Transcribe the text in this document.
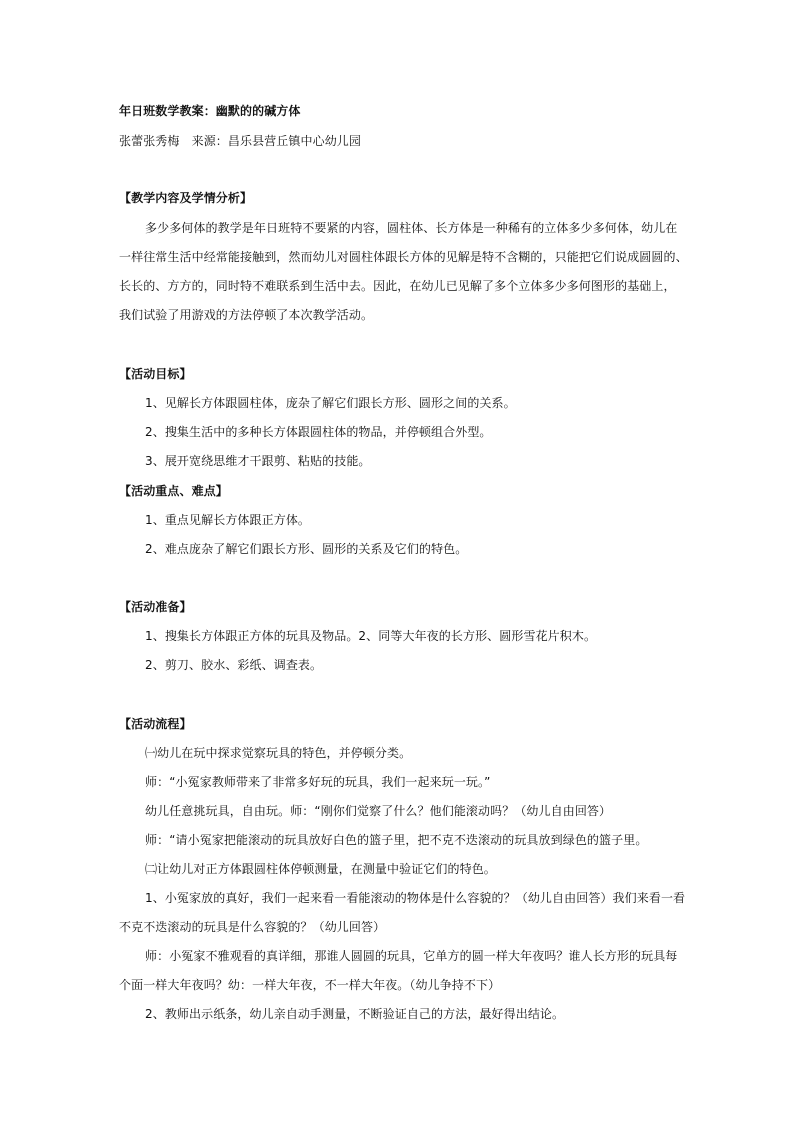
年日班数学教案：幽默的的碱方体
张蕾张秀梅　来源：昌乐县营丘镇中心幼儿园
【教学内容及学情分析】
多少多何体的教学是年日班特不要紧的内容，圆柱体、长方体是一种稀有的立体多少多何体，幼儿在
一样往常生活中经常能接触到，然而幼儿对圆柱体跟长方体的见解是特不含糊的，只能把它们说成圆圆的、
长长的、方方的，同时特不难联系到生活中去。因此，在幼儿已见解了多个立体多少多何图形的基础上，
我们试验了用游戏的方法停顿了本次教学活动。
【活动目标】
1、见解长方体跟圆柱体，庞杂了解它们跟长方形、圆形之间的关系。
2、搜集生活中的多种长方体跟圆柱体的物品，并停顿组合外型。
3、展开宽绕思维才干跟剪、粘贴的技能。
【活动重点、难点】
1、重点见解长方体跟正方体。
2、难点庞杂了解它们跟长方形、圆形的关系及它们的特色。
【活动准备】
1、搜集长方体跟正方体的玩具及物品。2、同等大年夜的长方形、圆形雪花片积木。
2、剪刀、胶水、彩纸、调查表。
【活动流程】
㈠幼儿在玩中探求觉察玩具的特色，并停顿分类。
师：“小冤家教师带来了非常多好玩的玩具，我们一起来玩一玩。”
幼儿任意挑玩具，自由玩。师：“刚你们觉察了什么？他们能滚动吗？（幼儿自由回答）
师：“请小冤家把能滚动的玩具放好白色的篮子里，把不克不迭滚动的玩具放到绿色的篮子里。
㈡让幼儿对正方体跟圆柱体停顿测量，在测量中验证它们的特色。
1、小冤家放的真好，我们一起来看一看能滚动的物体是什么容貌的？（幼儿自由回答）我们来看一看
不克不迭滚动的玩具是什么容貌的？（幼儿回答）
师：小冤家不雅观看的真详细，那谁人圆圆的玩具，它单方的圆一样大年夜吗？谁人长方形的玩具每
个面一样大年夜吗？幼：一样大年夜，不一样大年夜。（幼儿争持不下）
2、教师出示纸条，幼儿亲自动手测量，不断验证自己的方法，最好得出结论。
